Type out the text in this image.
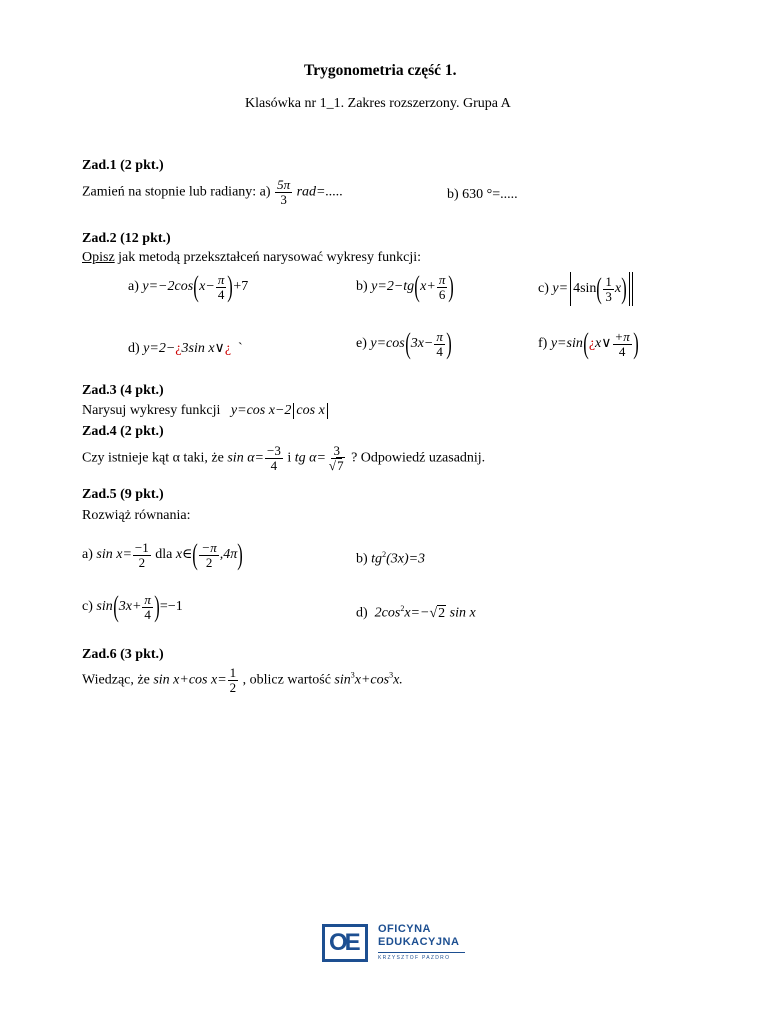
Trygonometria część 1.
Klasówka nr 1_1. Zakres rozszerzony. Grupa A
Zad.1 (2 pkt.)
Zamień na stopnie lub radiany: $a) \frac{5\pi}{3} rad=$.....	b) 630 °=.....
Zad.2 (12 pkt.)
Opisz jak metodą przekształceń narysować wykresy funkcji:
a) $y=-2\cos(x- \frac{\pi}{4} )+7$	b) $y=2-tg(x+ \frac{\pi}{6}$ )	c) $y= 4\sin( \frac{1}{3} x)$
d) y=2−¿3sin x∨¿ `	e) $y=\cos(3x- \frac{\pi}{4}$ )	f) y=sin(¿x∨ $\frac{+\pi}{4}$ )
Zad.3 (4 pkt.)
Narysuj wykresy funkcji y=cos x−2 cos x
Zad.4 (2 pkt.)
Czy istnieje kąt α taki, że $\sin \alpha= \frac{-3}{4}$ i tg $\alpha= \frac{3}{√7}$ ? Odpowiedź uzasadnij.
Zad.5 (9 pkt.)
Rozwiąż równania:
a) $\sin x= \frac{-1}{2}$ dla x∈( $\frac{-\pi}{2} ,4\pi$)	b) $tg^2(3x)=3$
c) $\sin(3x+ \frac{\pi}{4} )=-1$	d) $2\cos^2x=-√2$ sin x
Zad.6 (3 pkt.)
Wiedząc, że sin x+cos $x= \frac{1}{2}$ , oblicz wartość $\sin^3x+\cos^3x$.
OE OFICYNA
EDUKACYJNA
KRZYSZTOF PAZDRO
